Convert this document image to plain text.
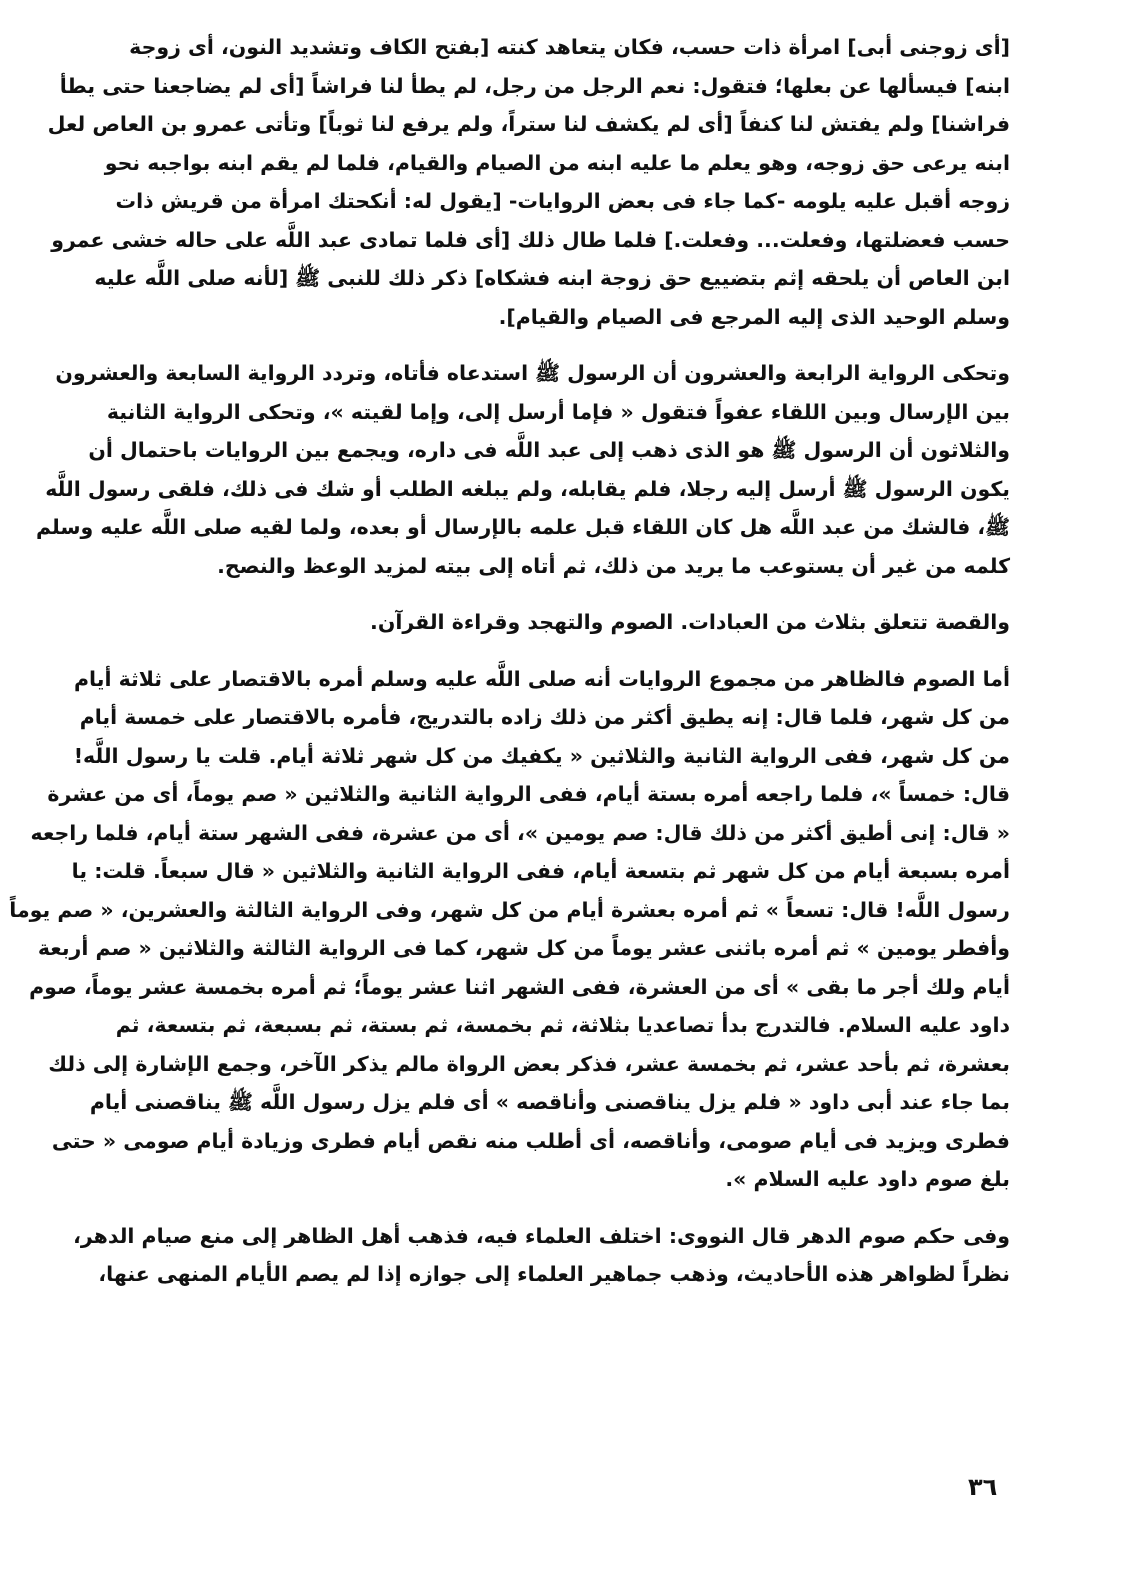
[أى زوجنى أبى] امرأة ذات حسب، فكان يتعاهد كنته [بفتح الكاف وتشديد النون، أى زوجة
ابنه] فيسألها عن بعلها؛ فتقول: نعم الرجل من رجل، لم يطأ لنا فراشاً [أى لم يضاجعنا حتى يطأ
فراشنا] ولم يفتش لنا كنفاً [أى لم يكشف لنا ستراً، ولم يرفع لنا ثوباً] وتأتى عمرو بن العاص لعل
ابنه يرعى حق زوجه، وهو يعلم ما عليه ابنه من الصيام والقيام، فلما لم يقم ابنه بواجبه نحو
زوجه أقبل عليه يلومه -كما جاء فى بعض الروايات- [يقول له: أنكحتك امرأة من قريش ذات
حسب فعضلتها، وفعلت... وفعلت.] فلما طال ذلك [أى فلما تمادى عبد اللَّه على حاله خشى عمرو
ابن العاص أن يلحقه إثم بتضييع حق زوجة ابنه فشكاه] ذكر ذلك للنبى ﷺ [لأنه صلى اللَّه عليه
وسلم الوحيد الذى إليه المرجع فى الصيام والقيام].
وتحكى الرواية الرابعة والعشرون أن الرسول ﷺ استدعاه فأتاه، وتردد الرواية السابعة والعشرون
بين الإرسال وبين اللقاء عفواً فتقول « فإما أرسل إلى، وإما لقيته »، وتحكى الرواية الثانية
والثلاثون أن الرسول ﷺ هو الذى ذهب إلى عبد اللَّه فى داره، ويجمع بين الروايات باحتمال أن
يكون الرسول ﷺ أرسل إليه رجلا، فلم يقابله، ولم يبلغه الطلب أو شك فى ذلك، فلقى رسول اللَّه
ﷺ، فالشك من عبد اللَّه هل كان اللقاء قبل علمه بالإرسال أو بعده، ولما لقيه صلى اللَّه عليه وسلم
كلمه من غير أن يستوعب ما يريد من ذلك، ثم أتاه إلى بيته لمزيد الوعظ والنصح.
والقصة تتعلق بثلاث من العبادات. الصوم والتهجد وقراءة القرآن.
أما الصوم فالظاهر من مجموع الروايات أنه صلى اللَّه عليه وسلم أمره بالاقتصار على ثلاثة أيام
من كل شهر، فلما قال: إنه يطيق أكثر من ذلك زاده بالتدريج، فأمره بالاقتصار على خمسة أيام
من كل شهر، ففى الرواية الثانية والثلاثين « يكفيك من كل شهر ثلاثة أيام. قلت يا رسول اللَّه!
قال: خمساً »، فلما راجعه أمره بستة أيام، ففى الرواية الثانية والثلاثين « صم يوماً، أى من عشرة
« قال: إنى أطيق أكثر من ذلك قال: صم يومين »، أى من عشرة، ففى الشهر ستة أيام، فلما راجعه
أمره بسبعة أيام من كل شهر ثم بتسعة أيام، ففى الرواية الثانية والثلاثين « قال سبعاً. قلت: يا
رسول اللَّه! قال: تسعاً » ثم أمره بعشرة أيام من كل شهر، وفى الرواية الثالثة والعشرين، « صم يوماً
وأفطر يومين » ثم أمره باثنى عشر يوماً من كل شهر، كما فى الرواية الثالثة والثلاثين « صم أربعة
أيام ولك أجر ما بقى » أى من العشرة، ففى الشهر اثنا عشر يوماً؛ ثم أمره بخمسة عشر يوماً، صوم
داود عليه السلام. فالتدرج بدأ تصاعديا بثلاثة، ثم بخمسة، ثم بستة، ثم بسبعة، ثم بتسعة، ثم
بعشرة، ثم بأحد عشر، ثم بخمسة عشر، فذكر بعض الرواة مالم يذكر الآخر، وجمع الإشارة إلى ذلك
بما جاء عند أبى داود « فلم يزل يناقصنى وأناقصه » أى فلم يزل رسول اللَّه ﷺ يناقصنى أيام
فطرى ويزيد فى أيام صومى، وأناقصه، أى أطلب منه نقص أيام فطرى وزيادة أيام صومى « حتى
بلغ صوم داود عليه السلام ».
وفى حكم صوم الدهر قال النووى: اختلف العلماء فيه، فذهب أهل الظاهر إلى منع صيام الدهر،
نظراً لظواهر هذه الأحاديث، وذهب جماهير العلماء إلى جوازه إذا لم يصم الأيام المنهى عنها،
٣٦
